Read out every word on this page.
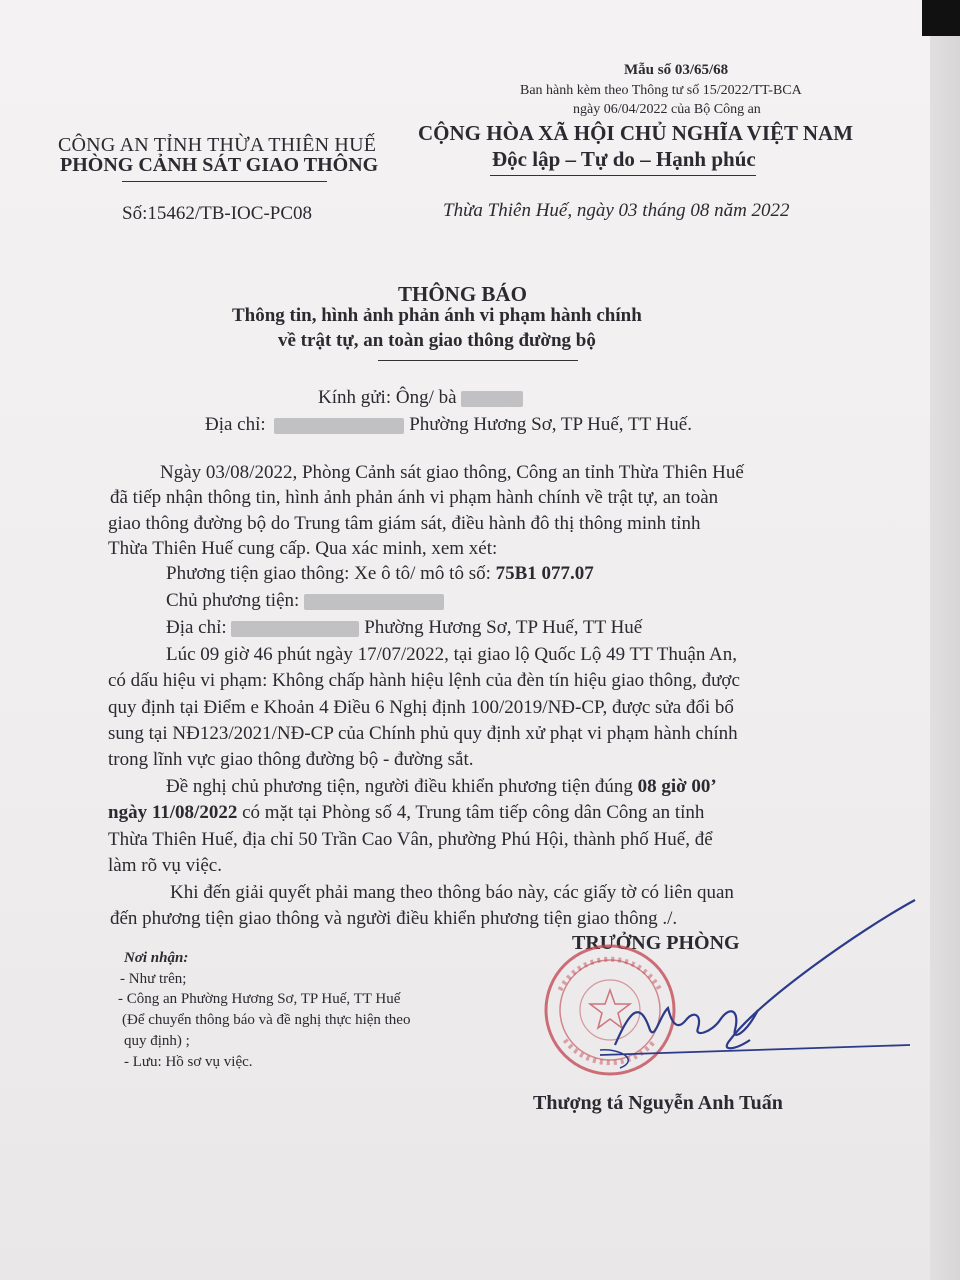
Mẫu số 03/65/68
Ban hành kèm theo Thông tư số 15/2022/TT-BCA
ngày 06/04/2022 của Bộ Công an
CÔNG AN TỈNH THỪA THIÊN HUẾ
PHÒNG CẢNH SÁT GIAO THÔNG
Số:15462/TB-IOC-PC08
CỘNG HÒA XÃ HỘI CHỦ NGHĨA VIỆT NAM
Độc lập – Tự do – Hạnh phúc
Thừa Thiên Huế, ngày 03 tháng 08 năm 2022
THÔNG BÁO
Thông tin, hình ảnh phản ánh vi phạm hành chính
về trật tự, an toàn giao thông đường bộ
Kính gửi: Ông/ bà
Địa chỉ:	Phường Hương Sơ, TP Huế, TT Huế.
Ngày 03/08/2022, Phòng Cảnh sát giao thông, Công an tỉnh Thừa Thiên Huế
đã tiếp nhận thông tin, hình ảnh phản ánh vi phạm hành chính về trật tự, an toàn
giao thông đường bộ do Trung tâm giám sát, điều hành đô thị thông minh tỉnh
Thừa Thiên Huế cung cấp. Qua xác minh, xem xét:
Phương tiện giao thông: Xe ô tô/ mô tô số: 75B1 077.07
Chủ phương tiện:
Địa chỉ:	Phường Hương Sơ, TP Huế, TT Huế
Lúc 09 giờ 46 phút ngày 17/07/2022, tại giao lộ Quốc Lộ 49 TT Thuận An,
có dấu hiệu vi phạm: Không chấp hành hiệu lệnh của đèn tín hiệu giao thông, được
quy định tại Điểm e Khoản 4 Điều 6 Nghị định 100/2019/NĐ-CP, được sửa đổi bổ
sung tại NĐ123/2021/NĐ-CP của Chính phủ quy định xử phạt vi phạm hành chính
trong lĩnh vực giao thông đường bộ - đường sắt.
Đề nghị chủ phương tiện, người điều khiển phương tiện đúng 08 giờ 00’
ngày 11/08/2022 có mặt tại Phòng số 4, Trung tâm tiếp công dân Công an tỉnh
Thừa Thiên Huế, địa chỉ 50 Trần Cao Vân, phường Phú Hội, thành phố Huế, để
làm rõ vụ việc.
Khi đến giải quyết phải mang theo thông báo này, các giấy tờ có liên quan
đến phương tiện giao thông và người điều khiển phương tiện giao thông ./.
Nơi nhận:
- Như trên;
- Công an Phường Hương Sơ, TP Huế, TT Huế
(Để chuyển thông báo và đề nghị thực hiện theo
quy định) ;
- Lưu: Hồ sơ vụ việc.
TRƯỞNG PHÒNG
Thượng tá Nguyễn Anh Tuấn
